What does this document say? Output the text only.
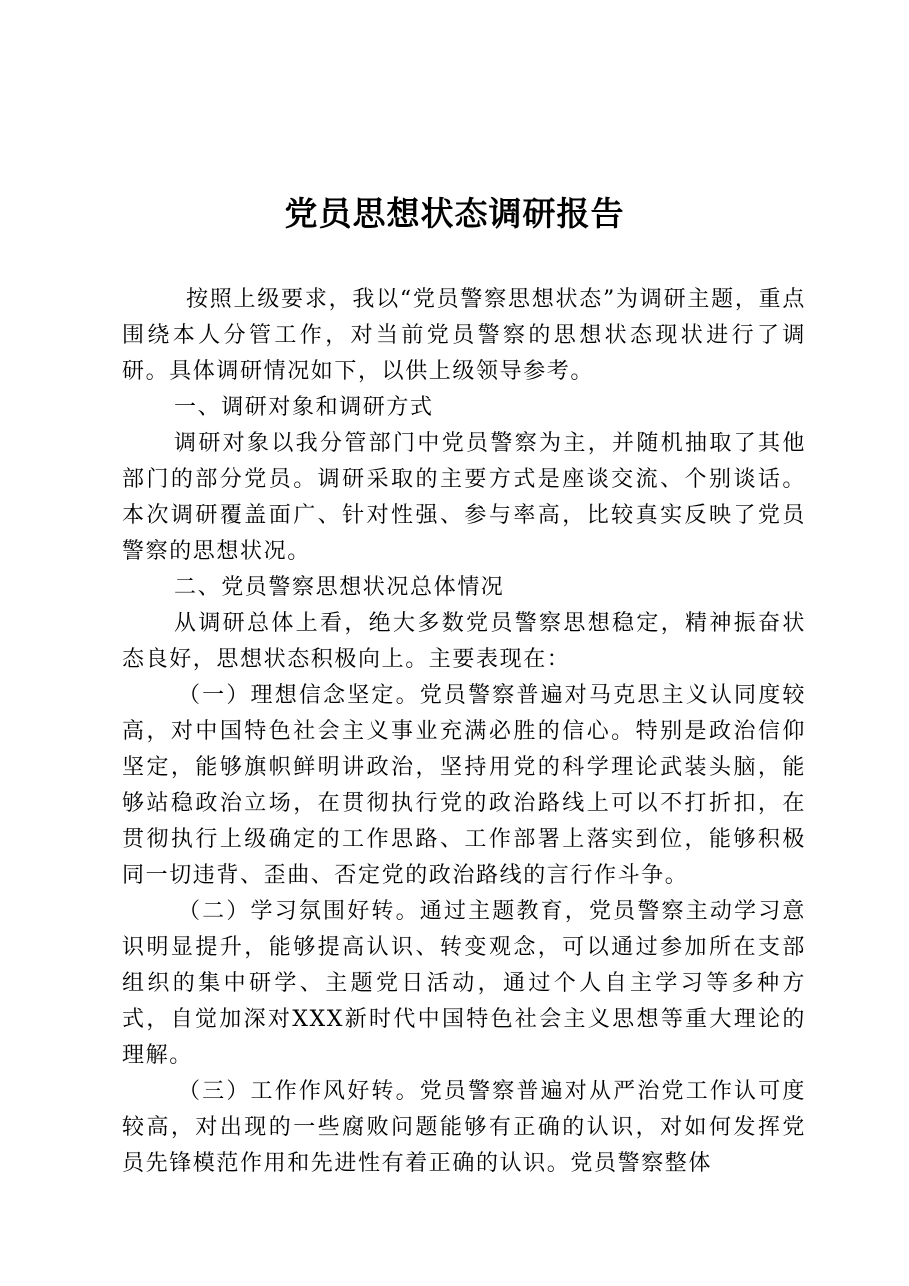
党员思想状态调研报告

按照上级要求，我以“党员警察思想状态”为调研主题，重点围绕本人分管工作，对当前党员警察的思想状态现状进行了调研。具体调研情况如下，以供上级领导参考。

一、调研对象和调研方式

调研对象以我分管部门中党员警察为主，并随机抽取了其他部门的部分党员。调研采取的主要方式是座谈交流、个别谈话。本次调研覆盖面广、针对性强、参与率高，比较真实反映了党员警察的思想状况。

二、党员警察思想状况总体情况

从调研总体上看，绝大多数党员警察思想稳定，精神振奋状态良好，思想状态积极向上。主要表现在：

（一）理想信念坚定。党员警察普遍对马克思主义认同度较高，对中国特色社会主义事业充满必胜的信心。特别是政治信仰坚定，能够旗帜鲜明讲政治，坚持用党的科学理论武装头脑，能够站稳政治立场，在贯彻执行党的政治路线上可以不打折扣，在贯彻执行上级确定的工作思路、工作部署上落实到位，能够积极同一切违背、歪曲、否定党的政治路线的言行作斗争。

（二）学习氛围好转。通过主题教育，党员警察主动学习意识明显提升，能够提高认识、转变观念，可以通过参加所在支部组织的集中研学、主题党日活动，通过个人自主学习等多种方式，自觉加深对XXX新时代中国特色社会主义思想等重大理论的理解。

（三）工作作风好转。党员警察普遍对从严治党工作认可度较高，对出现的一些腐败问题能够有正确的认识，对如何发挥党员先锋模范作用和先进性有着正确的认识。党员警察整体
